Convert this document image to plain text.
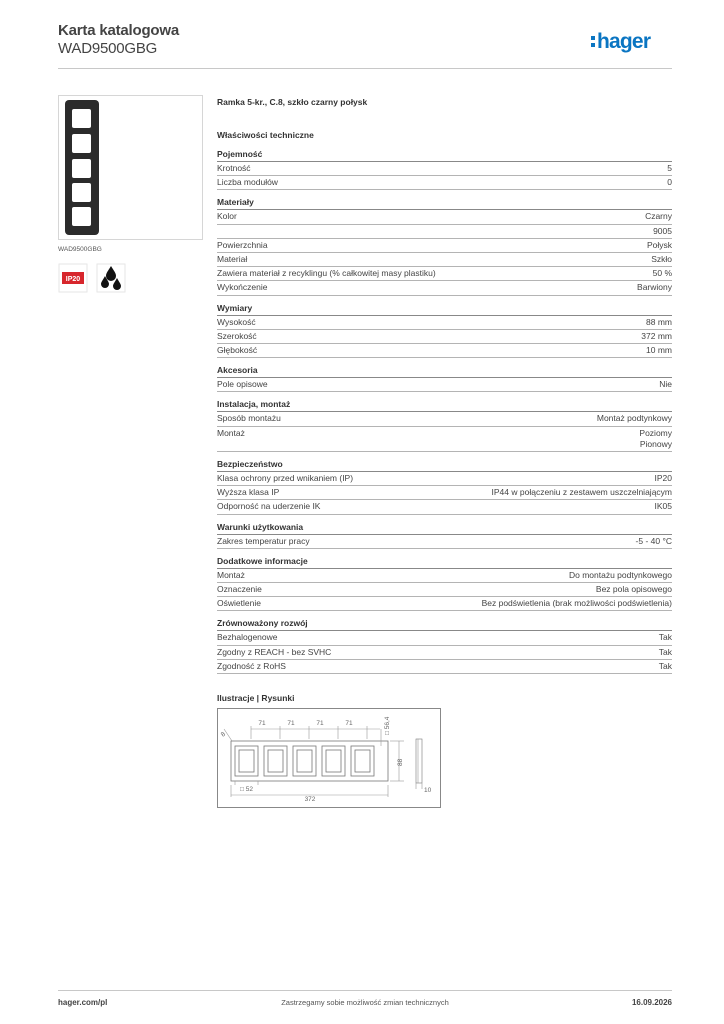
Karta katalogowa
WAD9500GBG	hager
WAD9500GBG
IP20
Ramka 5-kr., C.8, szkło czarny połysk
Właściwości techniczne
Pojemność
Krotność	5
Liczba modułów	0
Materiały
Kolor	Czarny
9005
Powierzchnia	Połysk
Materiał	Szkło
Zawiera materiał z recyklingu (% całkowitej masy plastiku)	50 %
Wykończenie	Barwiony
Wymiary
Wysokość	88 mm
Szerokość	372 mm
Głębokość	10 mm
Akcesoria
Pole opisowe	Nie
Instalacja, montaż
Sposób montażu	Montaż podtynkowy
Montaż	Poziomy
Pionowy
Bezpieczeństwo
Klasa ochrony przed wnikaniem (IP)	IP20
Wyższa klasa IP	IP44 w połączeniu z zestawem uszczelniającym
Odporność na uderzenie IK	IK05
Warunki użytkowania
Zakres temperatur pracy	-5 - 40 °C
Dodatkowe informacje
Montaż	Do montażu podtynkowego
Oznaczenie	Bez pola opisowego
Oświetlenie	Bez podświetlenia (brak możliwości podświetlenia)
Zrównoważony rozwój
Bezhalogenowe	Tak
Zgodny z REACH - bez SVHC	Tak
Zgodność z RoHS	Tak
Ilustracje | Rysunki
71	71	71	71
8	□ 56,4
88
□ 52
372
10
hager.com/pl	Zastrzegamy sobie możliwość zmian technicznych	16.09.2026
